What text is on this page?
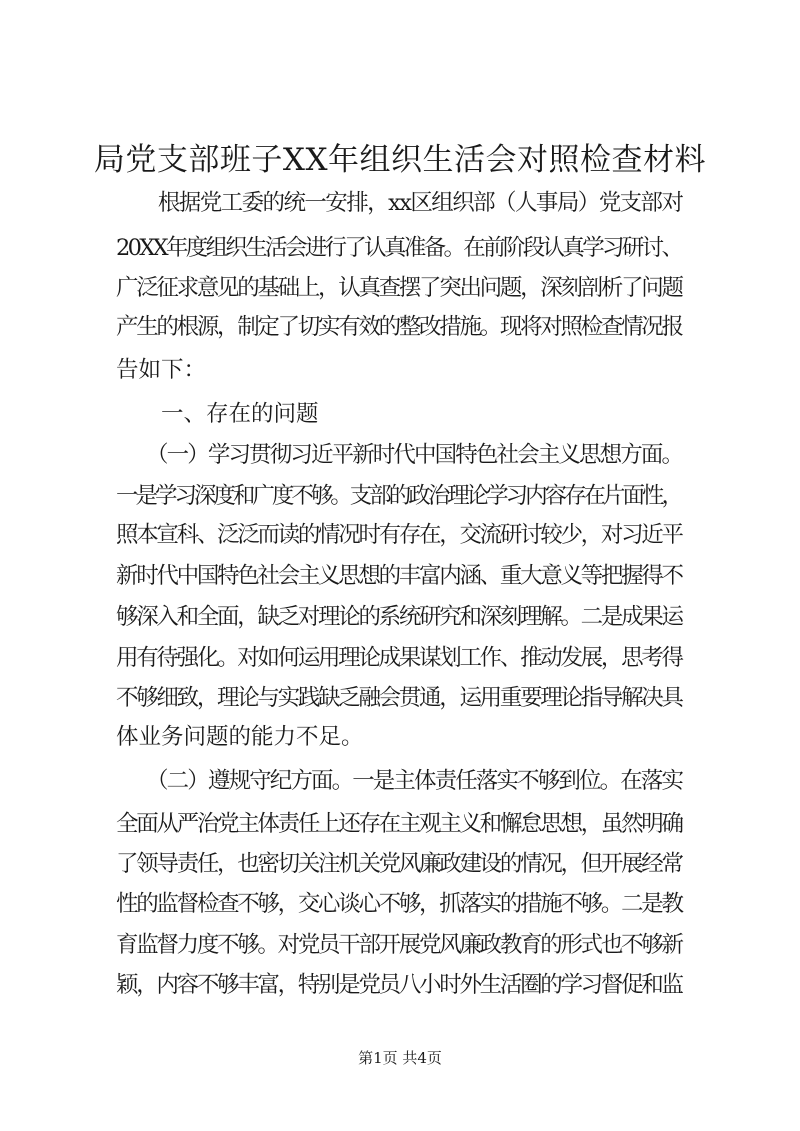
局党支部班子XX年组织生活会对照检查材料
　　根据党工委的统一安排，xx区组织部（人事局）党支部对
20XX年度组织生活会进行了认真准备。在前阶段认真学习研讨、
广泛征求意见的基础上，认真查摆了突出问题，深刻剖析了问题
产生的根源，制定了切实有效的整改措施。现将对照检查情况报
告如下：
　　一、存在的问题
　　（一）学习贯彻习近平新时代中国特色社会主义思想方面。
一是学习深度和广度不够。支部的政治理论学习内容存在片面性，
照本宣科、泛泛而读的情况时有存在，交流研讨较少，对习近平
新时代中国特色社会主义思想的丰富内涵、重大意义等把握得不
够深入和全面，缺乏对理论的系统研究和深刻理解。二是成果运
用有待强化。对如何运用理论成果谋划工作、推动发展，思考得
不够细致，理论与实践缺乏融会贯通，运用重要理论指导解决具
体业务问题的能力不足。
　　（二）遵规守纪方面。一是主体责任落实不够到位。在落实
全面从严治党主体责任上还存在主观主义和懈怠思想，虽然明确
了领导责任，也密切关注机关党风廉政建设的情况，但开展经常
性的监督检查不够，交心谈心不够，抓落实的措施不够。二是教
育监督力度不够。对党员干部开展党风廉政教育的形式也不够新
颖，内容不够丰富，特别是党员八小时外生活圈的学习督促和监
第1页 共4页
